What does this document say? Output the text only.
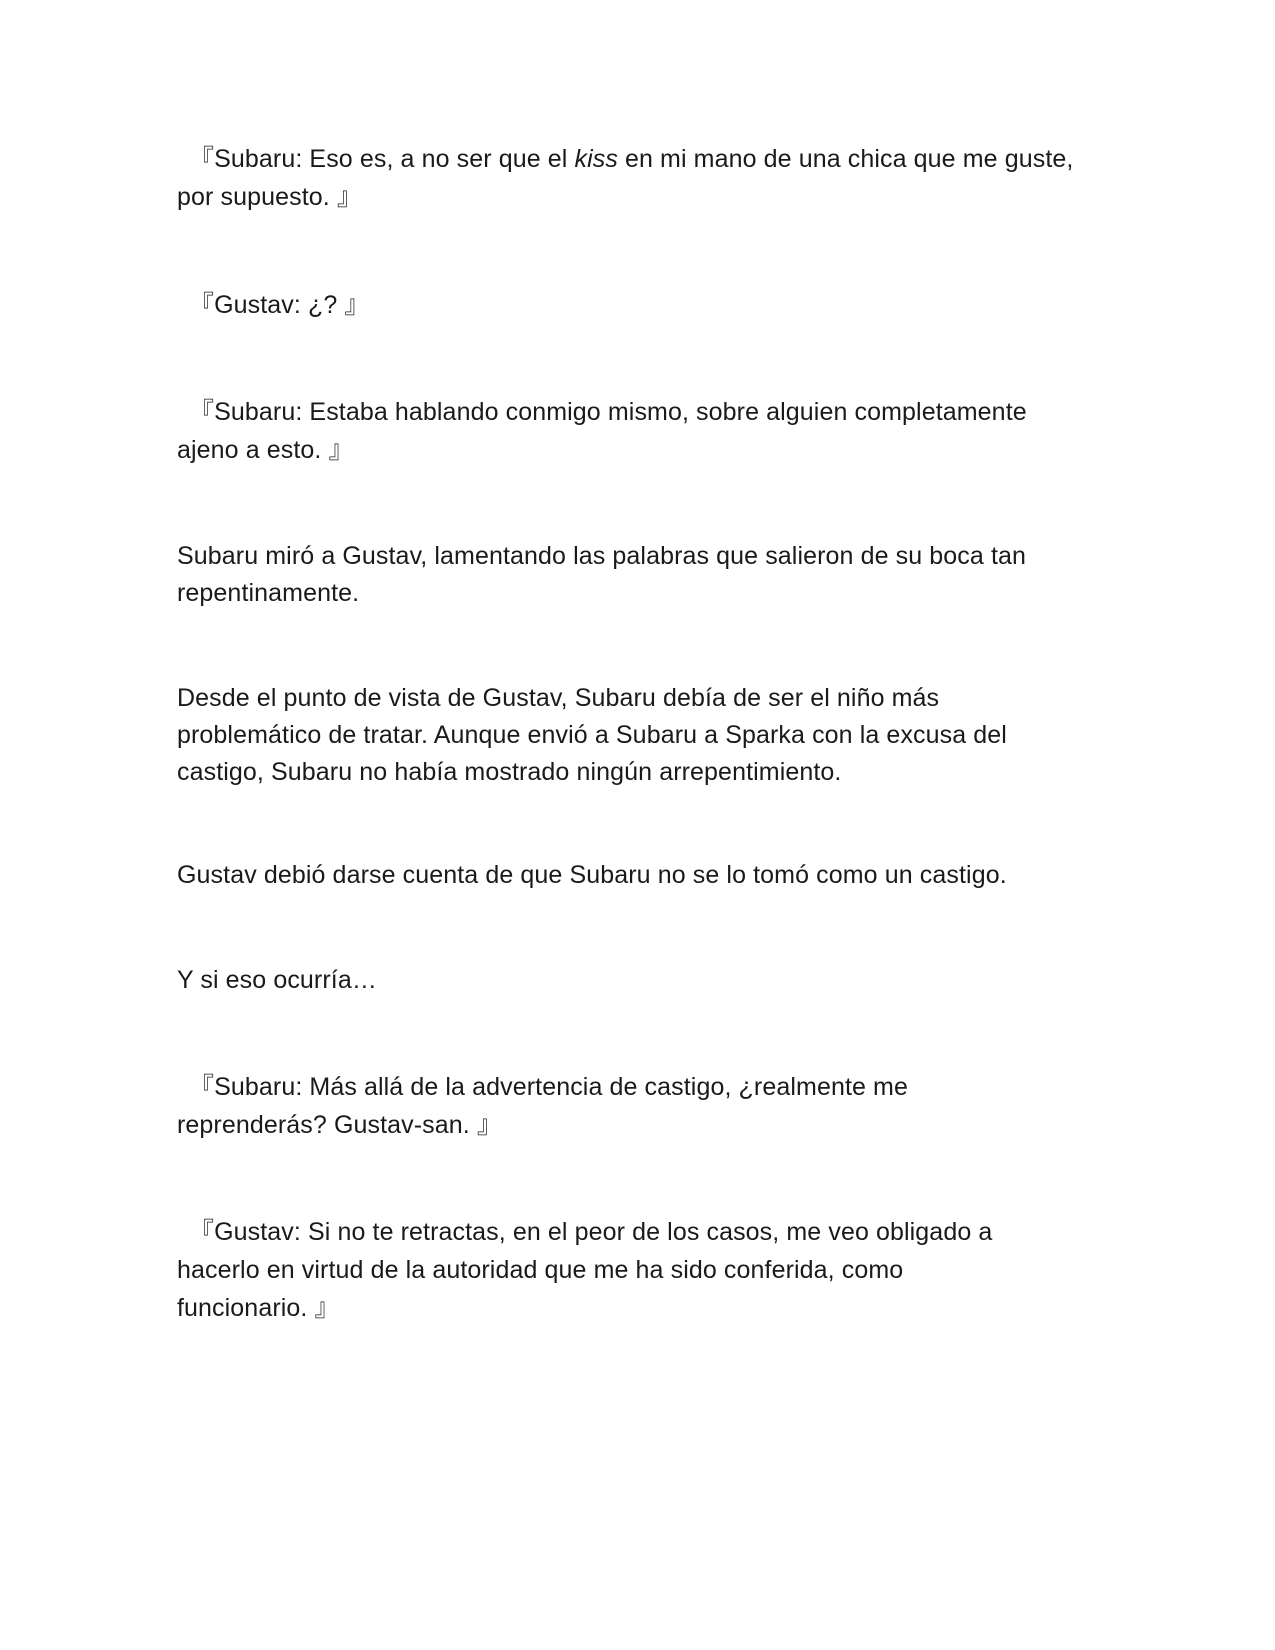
『Subaru: Eso es, a no ser que el kiss en mi mano de una chica que me guste,
por supuesto. 』

『Gustav: ¿? 』

『Subaru: Estaba hablando conmigo mismo, sobre alguien completamente
ajeno a esto. 』

Subaru miró a Gustav, lamentando las palabras que salieron de su boca tan
repentinamente.

Desde el punto de vista de Gustav, Subaru debía de ser el niño más
problemático de tratar. Aunque envió a Subaru a Sparka con la excusa del
castigo, Subaru no había mostrado ningún arrepentimiento.

Gustav debió darse cuenta de que Subaru no se lo tomó como un castigo.

Y si eso ocurría…

『Subaru: Más allá de la advertencia de castigo, ¿realmente me
reprenderás? Gustav-san. 』

『Gustav: Si no te retractas, en el peor de los casos, me veo obligado a
hacerlo en virtud de la autoridad que me ha sido conferida, como
funcionario. 』
